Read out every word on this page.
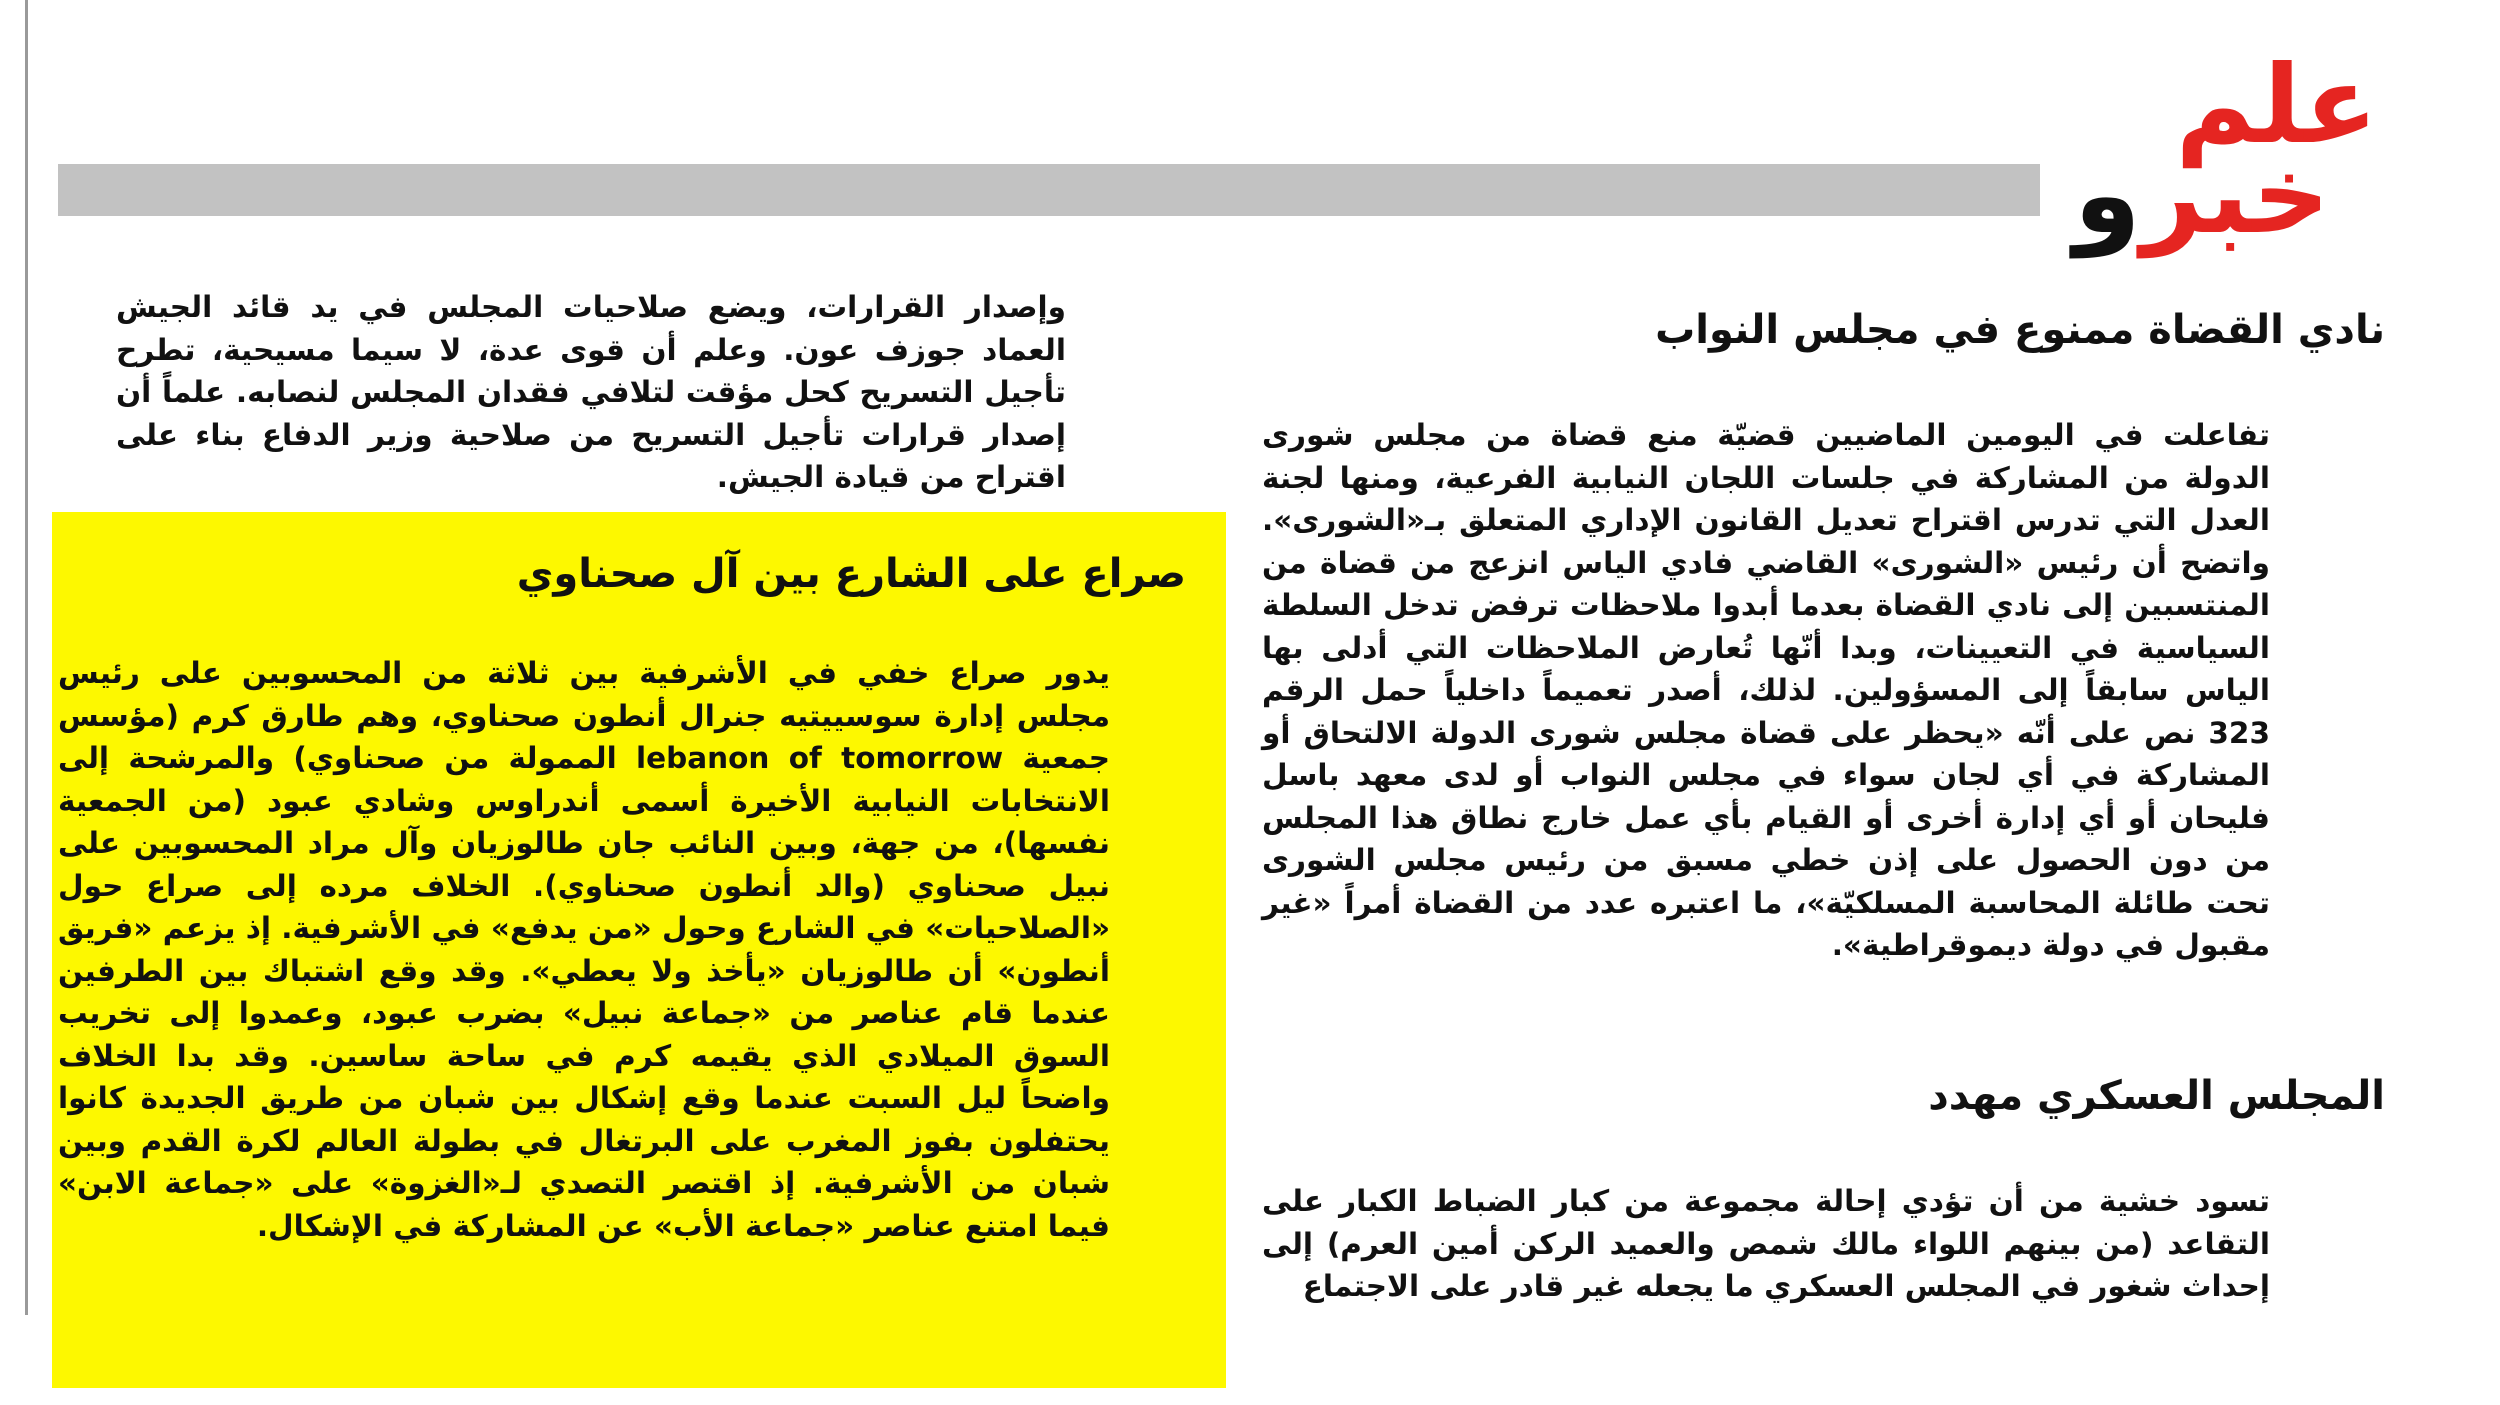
علم
خبرو
وإصدار القرارات، ويضع صلاحيات المجلس في يد قائد الجيش العماد جوزف عون. وعلم أن قوى عدة، لا سيما مسيحية، تطرح تأجيل التسريح كحل مؤقت لتلافي فقدان المجلس لنصابه. علماً أن إصدار قرارات تأجيل التسريح من صلاحية وزير الدفاع بناء على اقتراح من قيادة الجيش.
صراع على الشارع بين آل صحناوي
يدور صراع خفي في الأشرفية بين ثلاثة من المحسوبين على رئيس مجلس إدارة سوسييتيه جنرال أنطون صحناوي، وهم طارق كرم (مؤسس جمعية lebanon of tomorrow الممولة من صحناوي) والمرشحة إلى الانتخابات النيابية الأخيرة أسمى أندراوس وشادي عبود (من الجمعية نفسها)، من جهة، وبين النائب جان طالوزيان وآل مراد المحسوبين على نبيل صحناوي (والد أنطون صحناوي). الخلاف مرده إلى صراع حول «الصلاحيات» في الشارع وحول «من يدفع» في الأشرفية. إذ يزعم «فريق أنطون» أن طالوزيان «يأخذ ولا يعطي». وقد وقع اشتباك بين الطرفين عندما قام عناصر من «جماعة نبيل» بضرب عبود، وعمدوا إلى تخريب السوق الميلادي الذي يقيمه كرم في ساحة ساسين. وقد بدا الخلاف واضحاً ليل السبت عندما وقع إشكال بين شبان من طريق الجديدة كانوا يحتفلون بفوز المغرب على البرتغال في بطولة العالم لكرة القدم وبين شبان من الأشرفية. إذ اقتصر التصدي لـ«الغزوة» على «جماعة الابن» فيما امتنع عناصر «جماعة الأب» عن المشاركة في الإشكال.
نادي القضاة ممنوع في مجلس النواب
تفاعلت في اليومين الماضيين قضيّة منع قضاة من مجلس شورى الدولة من المشاركة في جلسات اللجان النيابية الفرعية، ومنها لجنة العدل التي تدرس اقتراح تعديل القانون الإداري المتعلق بـ«الشورى». واتضح أن رئيس «الشورى» القاضي فادي الياس انزعج من قضاة من المنتسبين إلى نادي القضاة بعدما أبدوا ملاحظات ترفض تدخل السلطة السياسية في التعيينات، وبدا أنّها تُعارض الملاحظات التي أدلى بها الياس سابقاً إلى المسؤولين. لذلك، أصدر تعميماً داخلياً حمل الرقم 323 نص على أنّه «يحظر على قضاة مجلس شورى الدولة الالتحاق أو المشاركة في أي لجان سواء في مجلس النواب أو لدى معهد باسل فليحان أو أي إدارة أخرى أو القيام بأي عمل خارج نطاق هذا المجلس من دون الحصول على إذن خطي مسبق من رئيس مجلس الشورى تحت طائلة المحاسبة المسلكيّة»، ما اعتبره عدد من القضاة أمراً «غير مقبول في دولة ديموقراطية».
المجلس العسكري مهدد
تسود خشية من أن تؤدي إحالة مجموعة من كبار الضباط الكبار على التقاعد (من بينهم اللواء مالك شمص والعميد الركن أمين العرم) إلى إحداث شغور في المجلس العسكري ما يجعله غير قادر على الاجتماع
